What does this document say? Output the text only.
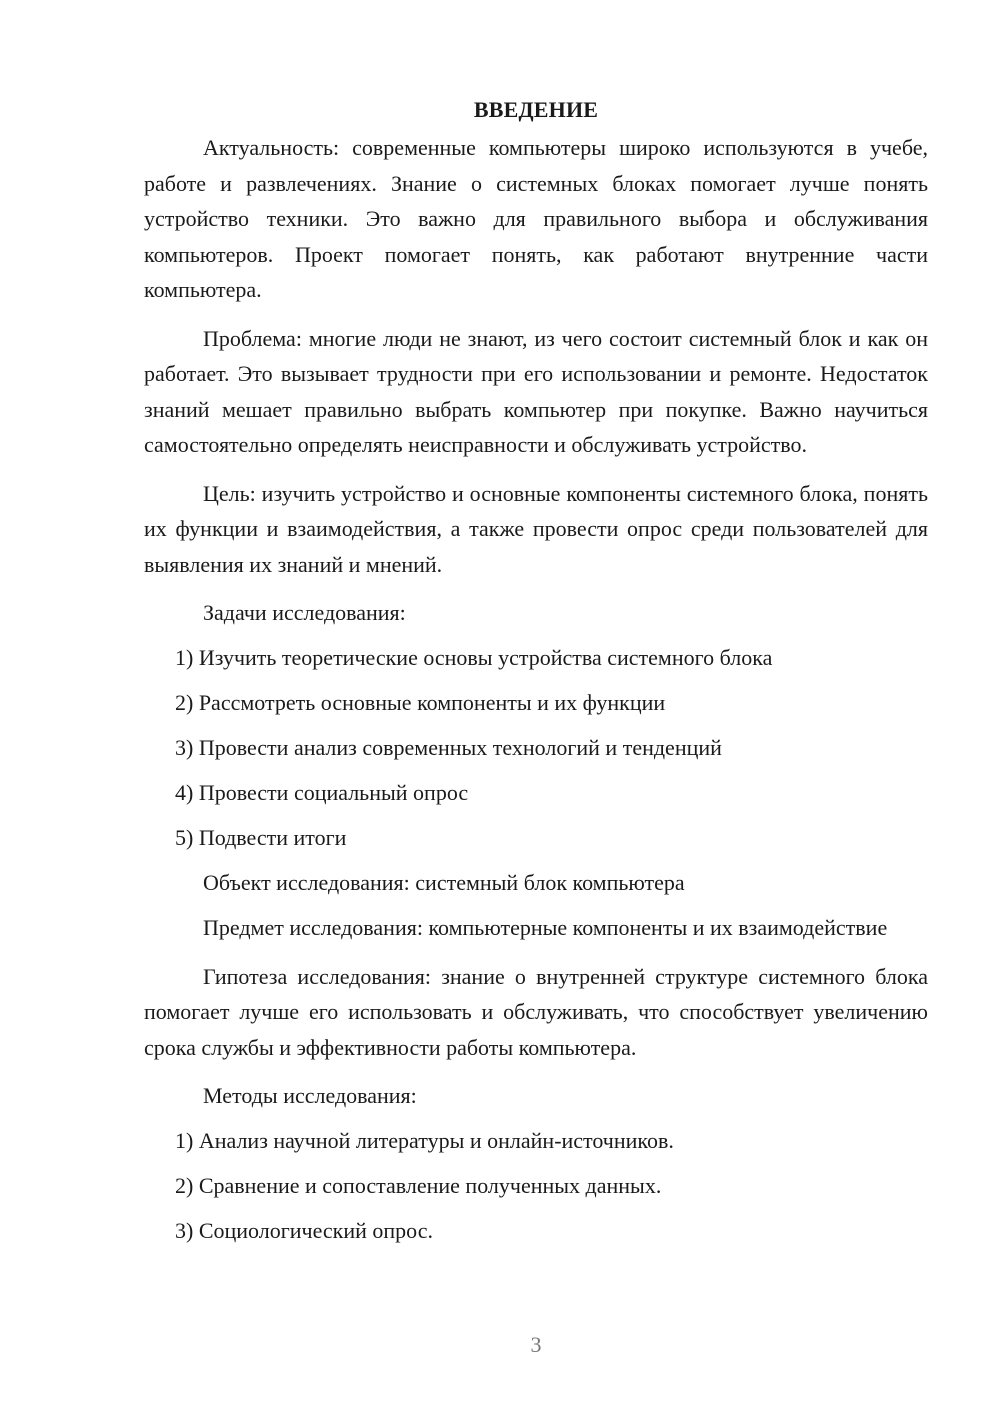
ВВЕДЕНИЕ

Актуальность: современные компьютеры широко используются в учебе, работе и развлечениях. Знание о системных блоках помогает лучше понять устройство техники. Это важно для правильного выбора и обслуживания компьютеров. Проект помогает понять, как работают внутренние части компьютера.

Проблема: многие люди не знают, из чего состоит системный блок и как он работает. Это вызывает трудности при его использовании и ремонте. Недостаток знаний мешает правильно выбрать компьютер при покупке. Важно научиться самостоятельно определять неисправности и обслуживать устройство.

Цель: изучить устройство и основные компоненты системного блока, понять их функции и взаимодействия, а также провести опрос среди пользователей для выявления их знаний и мнений.

Задачи исследования:

1) Изучить теоретические основы устройства системного блока
2) Рассмотреть основные компоненты и их функции
3) Провести анализ современных технологий и тенденций
4) Провести социальный опрос
5) Подвести итоги

Объект исследования: системный блок компьютера

Предмет исследования: компьютерные компоненты и их взаимодействие

Гипотеза исследования: знание о внутренней структуре системного блока помогает лучше его использовать и обслуживать, что способствует увеличению срока службы и эффективности работы компьютера.

Методы исследования:

1) Анализ научной литературы и онлайн-источников.
2) Сравнение и сопоставление полученных данных.
3) Социологический опрос.
3
